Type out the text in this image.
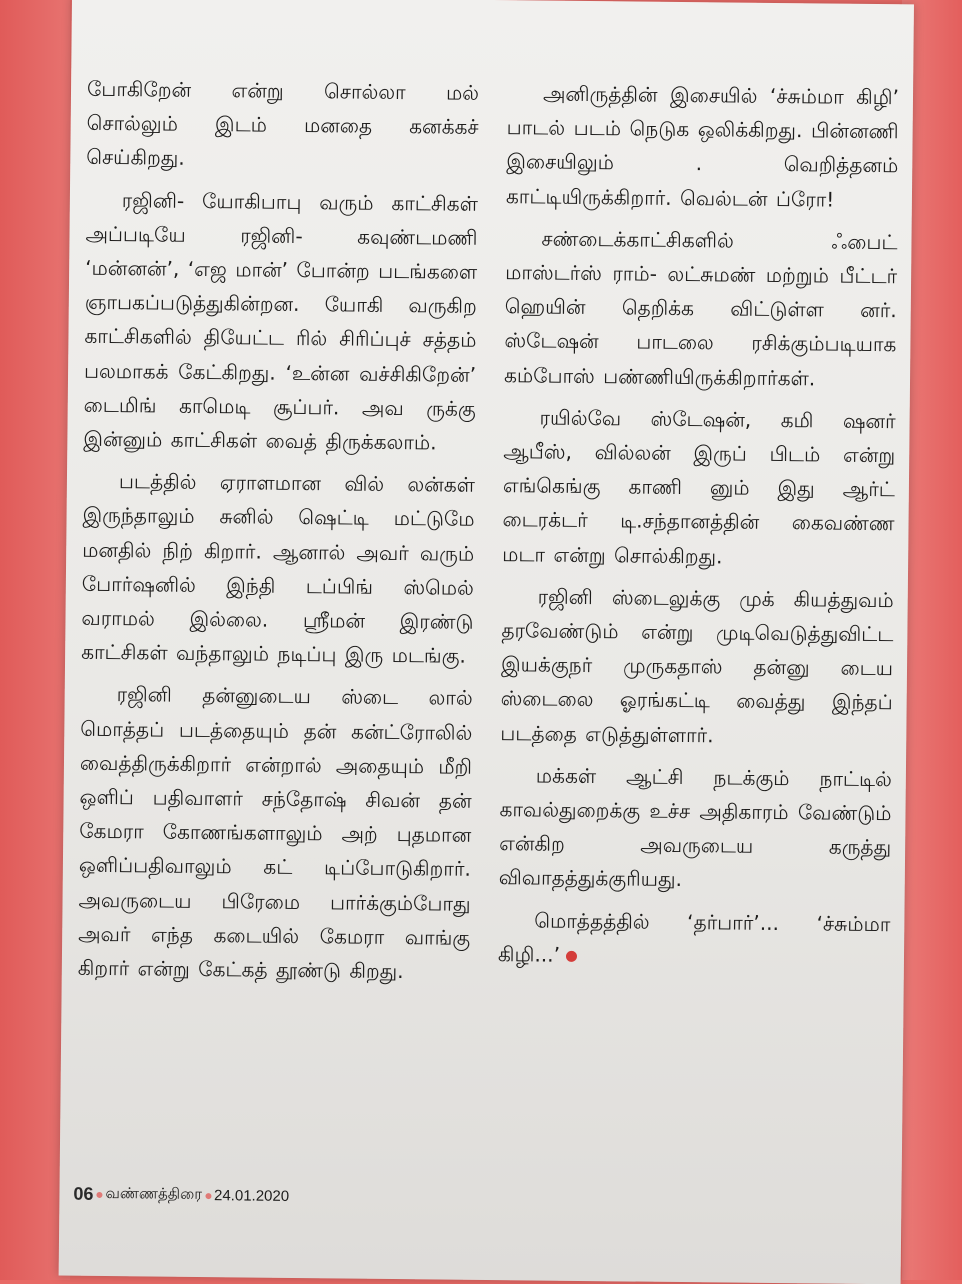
போகிறேன் என்று சொல்லா மல் சொல்லும் இடம் மனதை கனக்கச் செய்கிறது.

ரஜினி- யோகிபாபு வரும் காட்சிகள் அப்படியே ரஜினி- கவுண்டமணி ‘மன்னன்’, ‘எஜ மான்’ போன்ற படங்களை ஞாபகப்படுத்துகின்றன. யோகி வருகிற காட்சிகளில் தியேட்ட ரில் சிரிப்புச் சத்தம் பலமாகக் கேட்கிறது. ‘உன்ன வச்சிகிறேன்’ டைமிங் காமெடி சூப்பர். அவ ருக்கு இன்னும் காட்சிகள் வைத் திருக்கலாம்.

படத்தில் ஏராளமான வில் லன்கள் இருந்தாலும் சுனில் ஷெட்டி மட்டுமே மனதில் நிற் கிறார். ஆனால் அவர் வரும் போர்ஷனில் இந்தி டப்பிங் ஸ்மெல் வராமல் இல்லை. ஸ்ரீமன் இரண்டு காட்சிகள் வந்தாலும் நடிப்பு இரு மடங்கு.

ரஜினி தன்னுடைய ஸ்டை லால் மொத்தப் படத்தையும் தன் கன்ட்ரோலில் வைத்திருக்கிறார் என்றால் அதையும் மீறி ஒளிப் பதிவாளர் சந்தோஷ் சிவன் தன் கேமரா கோணங்களாலும் அற் புதமான ஒளிப்பதிவாலும் கட் டிப்போடுகிறார். அவருடைய பிரேமை பார்க்கும்போது அவர் எந்த கடையில் கேமரா வாங்கு கிறார் என்று கேட்கத் தூண்டு கிறது.

அனிருத்தின் இசையில் ‘ச்சும்மா கிழி’ பாடல் படம் நெடுக ஒலிக்கிறது. பின்னணி இசையிலும் . வெறித்தனம் காட்டியிருக்கிறார். வெல்டன் ப்ரோ!

சண்டைக்காட்சிகளில் ஃபைட் மாஸ்டர்ஸ் ராம்- லட்சுமண் மற்றும் பீட்டர் ஹெயின் தெறிக்க விட்டுள்ள னர். ஸ்டேஷன் பாடலை ரசிக்கும்படியாக கம்போஸ் பண்ணியிருக்கிறார்கள்.

ரயில்வே ஸ்டேஷன், கமி ஷனர் ஆபீஸ், வில்லன் இருப் பிடம் என்று எங்கெங்கு காணி னும் இது ஆர்ட் டைரக்டர் டி.சந்தானத்தின் கைவண்ண மடா என்று சொல்கிறது.

ரஜினி ஸ்டைலுக்கு முக் கியத்துவம் தரவேண்டும் என்று முடிவெடுத்துவிட்ட இயக்குநர் முருகதாஸ் தன்னு டைய ஸ்டைலை ஓரங்கட்டி வைத்து இந்தப் படத்தை எடுத்துள்ளார்.

மக்கள் ஆட்சி நடக்கும் நாட்டில் காவல்துறைக்கு உச்ச அதிகாரம் வேண்டும் என்கிற அவருடைய கருத்து விவாதத்துக்குரியது.

மொத்தத்தில் ‘தர்பார்’... ‘ச்சும்மா கிழி...’

06 வண்ணத்திரை 24.01.2020
